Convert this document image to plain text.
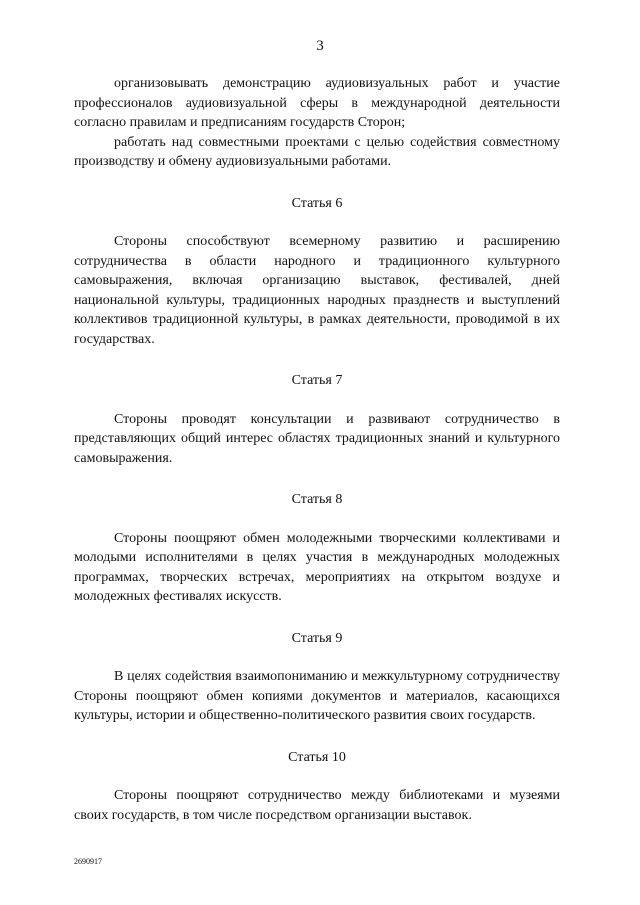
3

организовывать демонстрацию аудиовизуальных работ и участие профессионалов аудиовизуальной сферы в международной деятельности согласно правилам и предписаниям государств Сторон;

работать над совместными проектами с целью содействия совместному производству и обмену аудиовизуальными работами.

Статья 6

Стороны способствуют всемерному развитию и расширению сотрудничества в области народного и традиционного культурного самовыражения, включая организацию выставок, фестивалей, дней национальной культуры, традиционных народных празднеств и выступлений коллективов традиционной культуры, в рамках деятельности, проводимой в их государствах.

Статья 7

Стороны проводят консультации и развивают сотрудничество в представляющих общий интерес областях традиционных знаний и культурного самовыражения.

Статья 8

Стороны поощряют обмен молодежными творческими коллективами и молодыми исполнителями в целях участия в международных молодежных программах, творческих встречах, мероприятиях на открытом воздухе и молодежных фестивалях искусств.

Статья 9

В целях содействия взаимопониманию и межкультурному сотрудничеству Стороны поощряют обмен копиями документов и материалов, касающихся культуры, истории и общественно-политического развития своих государств.

Статья 10

Стороны поощряют сотрудничество между библиотеками и музеями своих государств, в том числе посредством организации выставок.

2690917
